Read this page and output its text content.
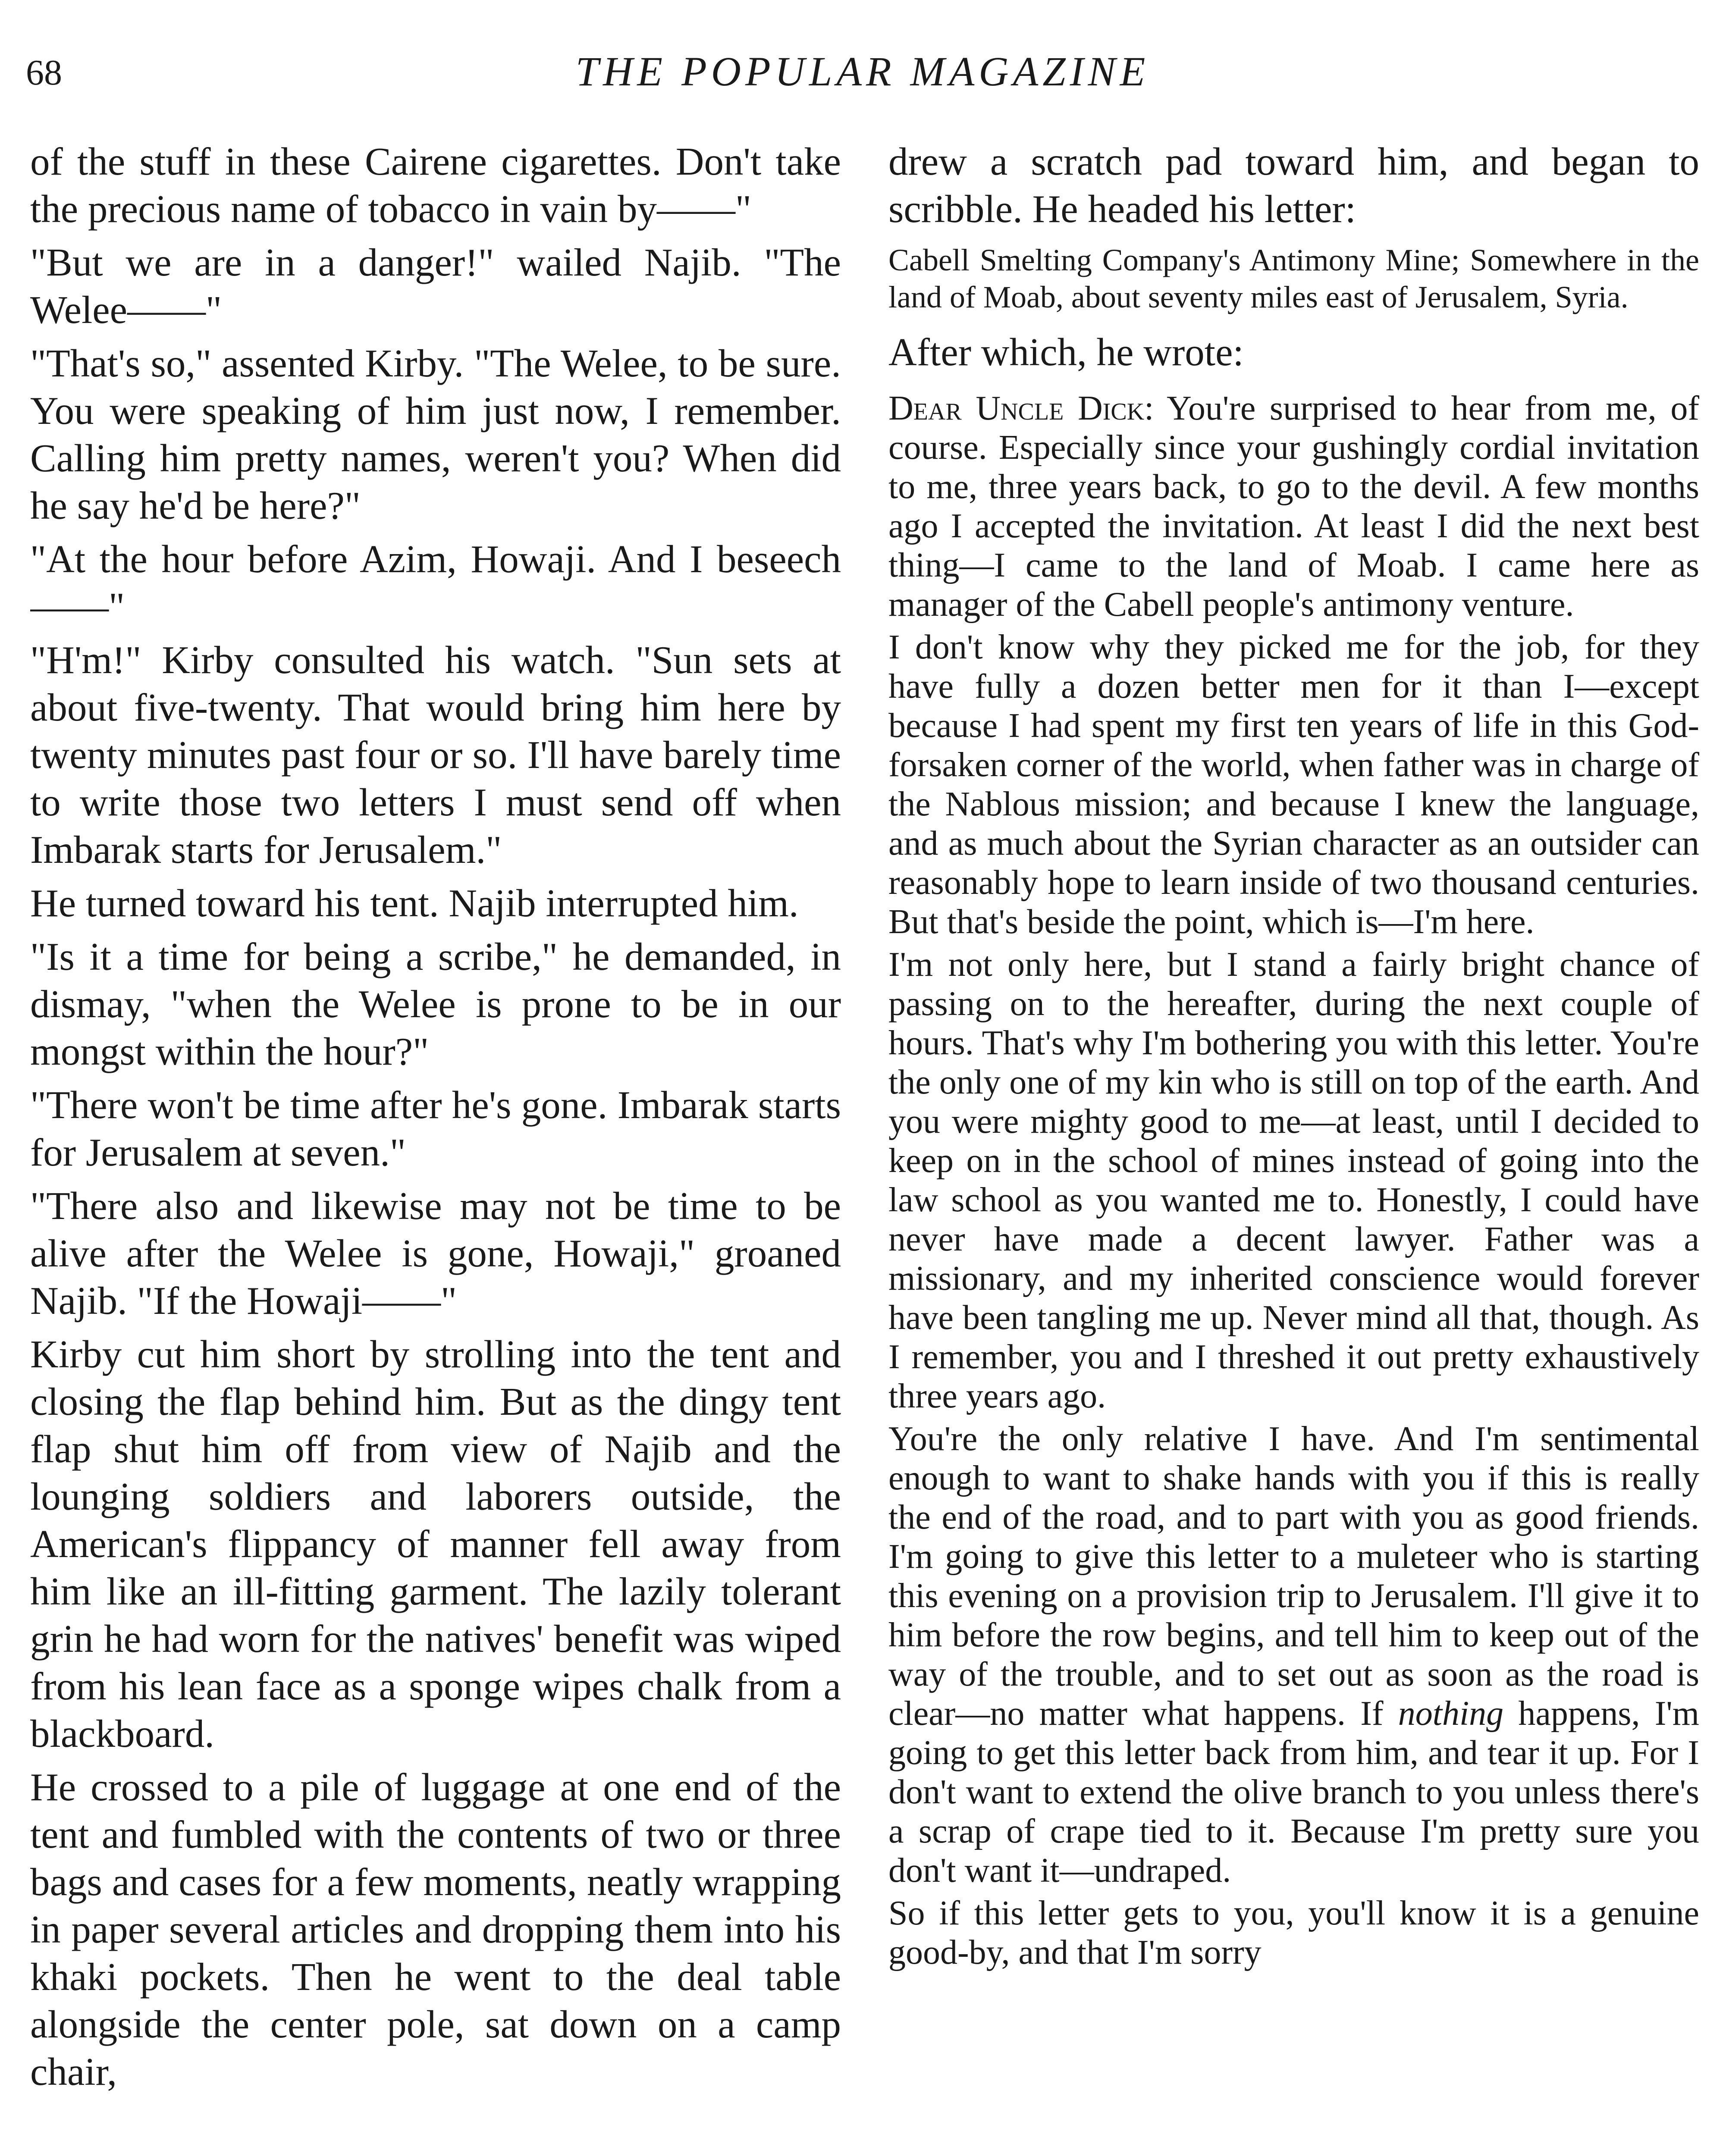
68	THE POPULAR MAGAZINE

of the stuff in these Cairene cigarettes. Don't take the precious name of tobacco in vain by——"

"But we are in a danger!" wailed Najib. "The Welee——"

"That's so," assented Kirby. "The Welee, to be sure. You were speaking of him just now, I remember. Calling him pretty names, weren't you? When did he say he'd be here?"

"At the hour before Azim, Howaji. And I beseech——"

"H'm!" Kirby consulted his watch. "Sun sets at about five-twenty. That would bring him here by twenty minutes past four or so. I'll have barely time to write those two letters I must send off when Imbarak starts for Jerusalem."

He turned toward his tent. Najib interrupted him.

"Is it a time for being a scribe," he demanded, in dismay, "when the Welee is prone to be in our mongst within the hour?"

"There won't be time after he's gone. Imbarak starts for Jerusalem at seven."

"There also and likewise may not be time to be alive after the Welee is gone, Howaji," groaned Najib. "If the Howaji——"

Kirby cut him short by strolling into the tent and closing the flap behind him. But as the dingy tent flap shut him off from view of Najib and the lounging soldiers and laborers outside, the American's flippancy of manner fell away from him like an ill-fitting garment. The lazily tolerant grin he had worn for the natives' benefit was wiped from his lean face as a sponge wipes chalk from a blackboard.

He crossed to a pile of luggage at one end of the tent and fumbled with the contents of two or three bags and cases for a few moments, neatly wrapping in paper several articles and dropping them into his khaki pockets. Then he went to the deal table alongside the center pole, sat down on a camp chair,

drew a scratch pad toward him, and began to scribble. He headed his letter:

Cabell Smelting Company's Antimony Mine; Somewhere in the land of Moab, about seventy miles east of Jerusalem, Syria.

After which, he wrote:

Dear Uncle Dick: You're surprised to hear from me, of course. Especially since your gushingly cordial invitation to me, three years back, to go to the devil. A few months ago I accepted the invitation. At least I did the next best thing—I came to the land of Moab. I came here as manager of the Cabell people's antimony venture.

I don't know why they picked me for the job, for they have fully a dozen better men for it than I—except because I had spent my first ten years of life in this God-forsaken corner of the world, when father was in charge of the Nablous mission; and because I knew the language, and as much about the Syrian character as an outsider can reasonably hope to learn inside of two thousand centuries. But that's beside the point, which is—I'm here.

I'm not only here, but I stand a fairly bright chance of passing on to the hereafter, during the next couple of hours. That's why I'm bothering you with this letter. You're the only one of my kin who is still on top of the earth. And you were mighty good to me—at least, until I decided to keep on in the school of mines instead of going into the law school as you wanted me to. Honestly, I could have never have made a decent lawyer. Father was a missionary, and my inherited conscience would forever have been tangling me up. Never mind all that, though. As I remember, you and I threshed it out pretty exhaustively three years ago.

You're the only relative I have. And I'm sentimental enough to want to shake hands with you if this is really the end of the road, and to part with you as good friends. I'm going to give this letter to a muleteer who is starting this evening on a provision trip to Jerusalem. I'll give it to him before the row begins, and tell him to keep out of the way of the trouble, and to set out as soon as the road is clear—no matter what happens. If nothing happens, I'm going to get this letter back from him, and tear it up. For I don't want to extend the olive branch to you unless there's a scrap of crape tied to it. Because I'm pretty sure you don't want it—undraped.

So if this letter gets to you, you'll know it is a genuine good-by, and that I'm sorry
